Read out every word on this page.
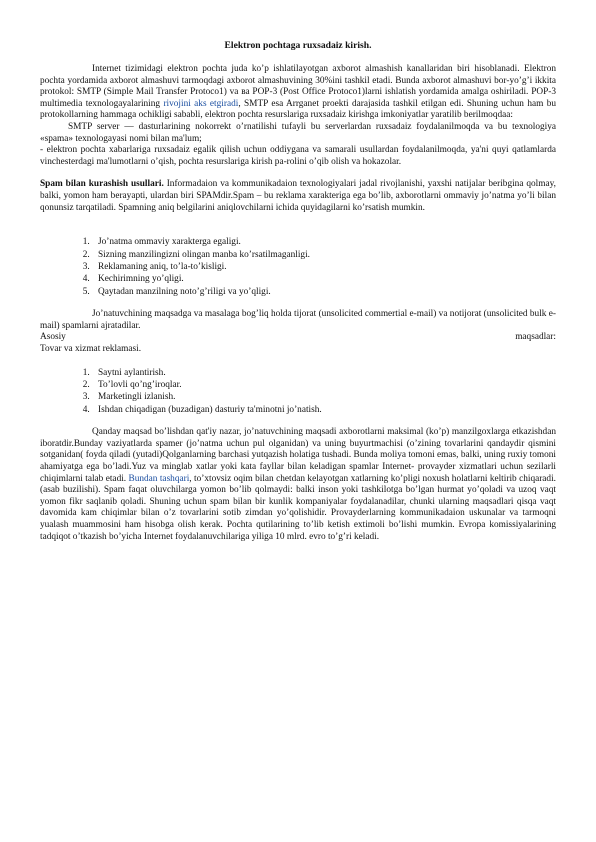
Elektron pochtaga ruxsadaiz kirish.

Internet tizimidagi elektron pochta juda ko’p ishlatilayotgan axborot almashish kanallaridan biri hisoblanadi. Elektron pochta yordamida axborot almashuvi tarmoqdagi axborot almashuvining 30%ini tashkil etadi. Bunda axborot almashuvi bor-yo’g’i ikkita protokol: SMTP (Simple Mail Transfer Protoco1) va ва POP-3 (Post Office Protoco1)larni ishlatish yordamida amalga oshiriladi. POP-3 multimedia texnologayalarining rivojini aks etgiradi, SMTP esa Arrganet proekti darajasida tashkil etilgan edi. Shuning uchun ham bu protokollarning hammaga ochikligi sababli, elektron pochta resurslariga ruxsadaiz kirishga imkoniyatlar yaratilib berilmoqdaa:

SMTP server — dasturlarining nokorrekt o’rnatilishi tufayli bu serverlardan ruxsadaiz foydalanilmoqda va bu texnologiya «spama» texnologayasi nomi bilan ma'lum;

- elektron pochta xabarlariga ruxsadaiz egalik qilish uchun oddiygana va samarali usullardan foydalanilmoqda, ya'ni quyi qatlamlarda vinchesterdagi ma'lumotlarni o’qish, pochta resurslariga kirish pa-rolini o’qib olish va hokazolar.

Spam bilan kurashish usullari. Informadaion va kommunikadaion texnologiyalari jadal rivojlanishi, yaxshi natijalar beribgina qolmay, balki, yomon ham berayapti, ulardan biri SPAMdir.Spam – bu reklama xarakteriga ega bo’lib, axborotlarni ommaviy jo’natma yo’li bilan qonunsiz tarqatiladi. Spamning aniq belgilarini aniqlovchilarni ichida quyidagilarni ko’rsatish mumkin.

1. Jo’natma ommaviy xarakterga egaligi.
2. Sizning manzilingizni olingan manba ko’rsatilmaganligi.
3. Reklamaning aniq, to’la-to’kisligi.
4. Kechirimning yo’qligi.
5. Qaytadan manzilning noto’g’riligi va yo’qligi.

Jo’natuvchining maqsadga va masalaga bog’liq holda tijorat (unsolicited commertial e-mail) va notijorat (unsolicited bulk e-mail) spamlarni ajratadilar.

Asosiy	maqsadlar:

Tovar va xizmat reklamasi.

1. Saytni aylantirish.
2. To’lovli qo’ng’iroqlar.
3. Marketingli izlanish.
4. Ishdan chiqadigan (buzadigan) dasturiy ta'minotni jo’natish.

Qanday maqsad bo’lishdan qat'iy nazar, jo’natuvchining maqsadi axborotlarni maksimal (ko’p) manzilgoxlarga etkazishdan iboratdir.Bunday vaziyatlarda spamer (jo’natma uchun pul olganidan) va uning buyurtmachisi (o’zining tovarlarini qandaydir qismini sotganidan( foyda qiladi (yutadi)Qolganlarning barchasi yutqazish holatiga tushadi. Bunda moliya tomoni emas, balki, uning ruxiy tomoni ahamiyatga ega bo’ladi.Yuz va minglab xatlar yoki kata fayllar bilan keladigan spamlar Internet- provayder xizmatlari uchun sezilarli chiqimlarni talab etadi. Bundan tashqari, to’xtovsiz oqim bilan chetdan kelayotgan xatlarning ko’pligi noxush holatlarni keltirib chiqaradi. (asab buzilishi). Spam faqat oluvchilarga yomon bo’lib qolmaydi: balki inson yoki tashkilotga bo’lgan hurmat yo’qoladi va uzoq vaqt yomon fikr saqlanib qoladi. Shuning uchun spam bilan bir kunlik kompaniyalar foydalanadilar, chunki ularning maqsadlari qisqa vaqt davomida kam chiqimlar bilan o’z tovarlarini sotib zimdan yo’qolishidir. Provayderlarning kommunikadaion uskunalar va tarmoqni yualash muammosini ham hisobga olish kerak. Pochta qutilarining to’lib ketish extimoli bo’lishi mumkin. Evropa komissiyalarining tadqiqot o’tkazish bo’yicha Internet foydalanuvchilariga yiliga 10 mlrd. evro to’g’ri keladi.
